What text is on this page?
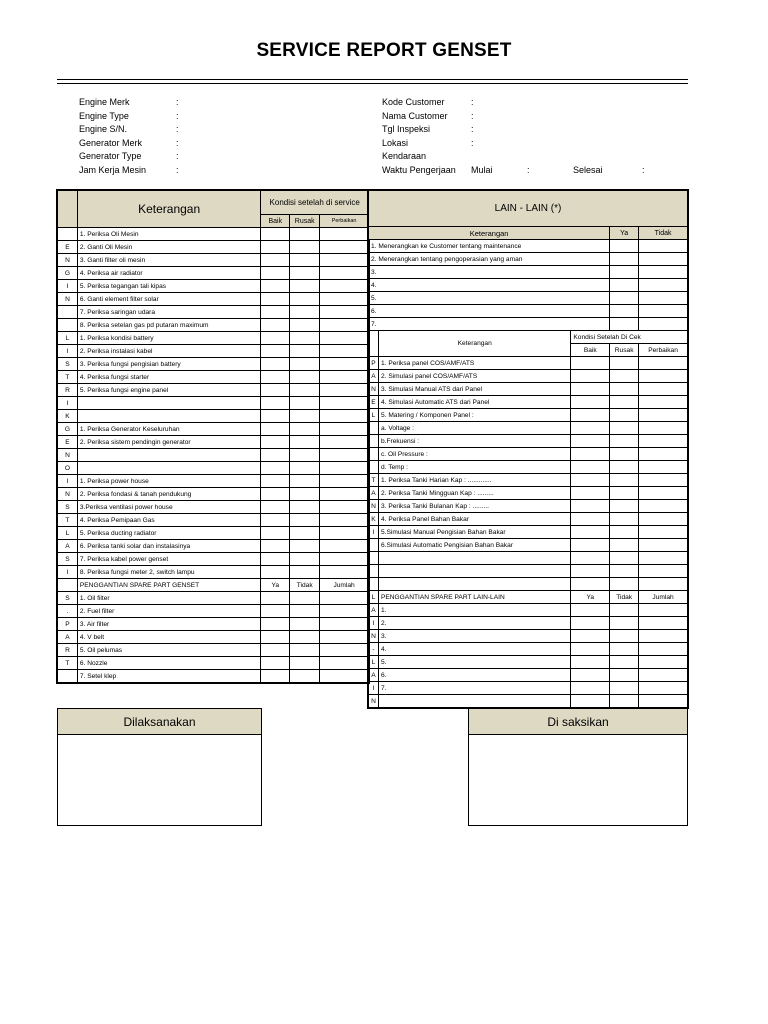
SERVICE REPORT GENSET
Engine Merk	:
Engine Type	:
Engine S/N.	:
Generator Merk	:
Generator Type	:
Jam Kerja Mesin	:
Kode Customer	:
Nama Customer	:
Tgl Inspeksi	:
Lokasi	:
Kendaraan
Waktu Pengerjaan	Mulai	:	Selesai	:
	Keterangan	Kondisi setelah di service		
		Baik	Rusak	Perbaikan
	1. Periksa Oli Mesin			
E	2. Ganti Oli Mesin			
N	3. Ganti filter oli mesin			
G	4. Periksa air radiator			
I	5. Periksa tegangan tali kipas			
N	6. Ganti element filter solar			
	7. Periksa saringan udara			
	8. Periksa setelan gas pd putaran maximum			
L	1. Periksa kondisi battery			
I	2. Periksa instalasi kabel			
S	3. Periksa fungsi pengisian battery			
T	4. Periksa fungsi starter			
R	5. Periksa fungsi engine panel			
I				
K				
G	1. Periksa Generator Keseluruhan			
E	2. Periksa sistem pendingin generator			
N				
O				
I	1. Periksa power house			
N	2. Periksa fondasi & tanah pendukung			
S	3.Periksa ventilasi power house			
T	4. Periksa Pemipaan Gas			
L	5. Periksa ducting radiator			
A	6. Periksa tanki solar dan instalasinya			
S	7. Periksa kabel power genset			
I	8. Periksa fungsi meter 2, switch lampu			
	PENGGANTIAN SPARE PART GENSET	Ya	Tidak	Jumlah
S	1. Oil filter			
.	2. Fuel filter			
P	3. Air filter			
A	4. V belt			
R	5. Oil pelumas			
T	6. Nozzle			
	7. Setel klep			
LAIN - LAIN (*)				
Keterangan			Ya	Tidak
1. Menerangkan ke Customer tentang maintenance				
2. Menerangkan tentang pengoperasian yang aman				
3.				
4.				
5.				
6.				
7.				
	Keterangan	Kondisi Setelah Di Cek		
		Baik	Rusak	Perbaikan
P	1. Periksa panel COS/AMF/ATS			
A	2. Simulasi panel COS/AMF/ATS			
N	3. Simulasi Manual ATS dari Panel			
E	4. Simulasi Automatic ATS dari Panel			
L	5. Matering / Komponen Panel :			
	a. Voltage :			
	b.Frekuensi :			
	c. Oil Pressure :			
	d. Temp :			
T	1. Periksa Tanki Harian Kap : .............			
A	2. Periksa Tanki Mingguan Kap : .........			
N	3. Periksa Tanki Bulanan Kap : .........			
K	4. Periksa Panel Bahan Bakar			
I	5.Simulasi Manual Pengisian Bahan Bakar			
	6.Simulasi Automatic Pengisian Bahan Bakar			

L	PENGGANTIAN SPARE PART LAIN-LAIN	Ya	Tidak	Jumlah
A	1.			
I	2.			
N	3.			
-	4.			
L	5.			
A	6.			
I	7.			
N				
Dilaksanakan	Di saksikan
